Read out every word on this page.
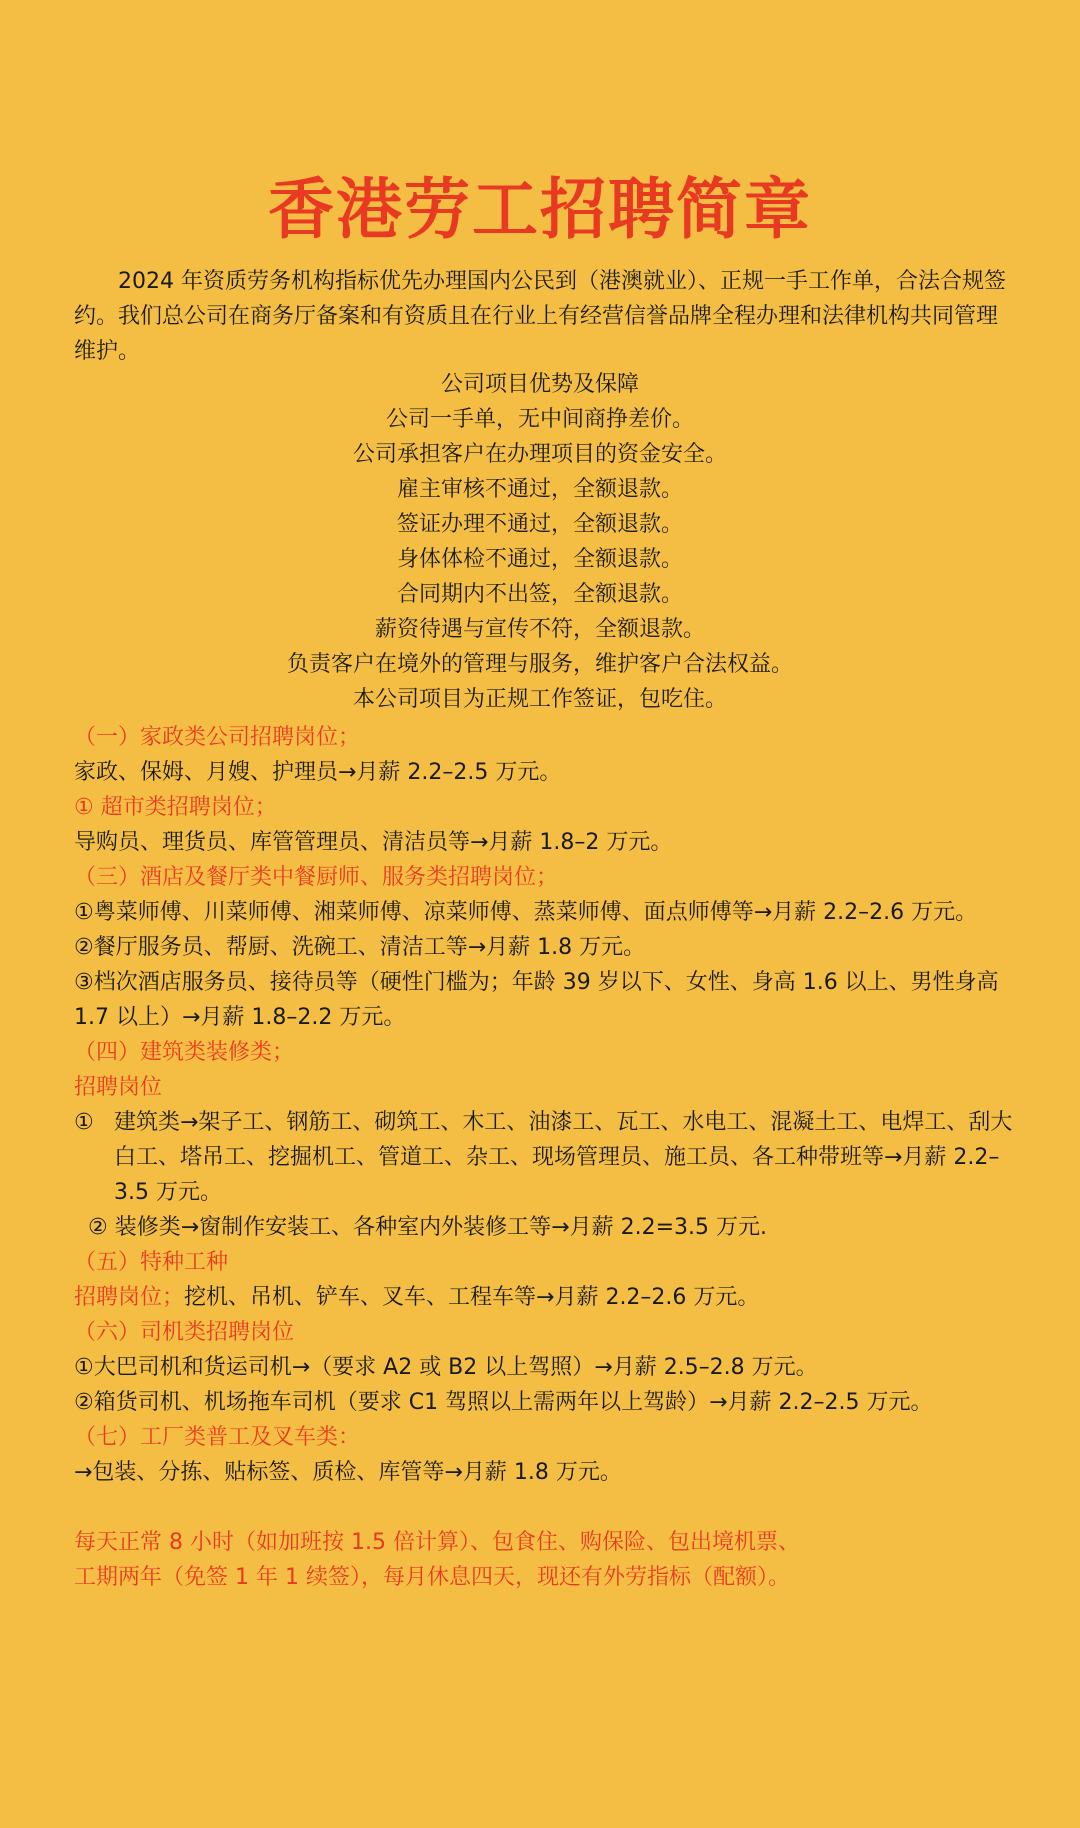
香港劳工招聘简章
2024 年资质劳务机构指标优先办理国内公民到（港澳就业）、正规一手工作单，合法合规签约。我们总公司在商务厅备案和有资质且在行业上有经营信誉品牌全程办理和法律机构共同管理维护。
公司项目优势及保障
公司一手单，无中间商挣差价。
公司承担客户在办理项目的资金安全。
雇主审核不通过，全额退款。
签证办理不通过，全额退款。
身体体检不通过，全额退款。
合同期内不出签，全额退款。
薪资待遇与宣传不符，全额退款。
负责客户在境外的管理与服务，维护客户合法权益。
本公司项目为正规工作签证，包吃住。
（一）家政类公司招聘岗位；
家政、保姆、月嫂、护理员→月薪 2.2–2.5 万元。
① 超市类招聘岗位；
导购员、理货员、库管管理员、清洁员等→月薪 1.8–2 万元。
（三）酒店及餐厅类中餐厨师、服务类招聘岗位；
①粤菜师傅、川菜师傅、湘菜师傅、凉菜师傅、蒸菜师傅、面点师傅等→月薪 2.2–2.6 万元。
②餐厅服务员、帮厨、洗碗工、清洁工等→月薪 1.8 万元。
③档次酒店服务员、接待员等（硬性门槛为；年龄 39 岁以下、女性、身高 1.6 以上、男性身高 1.7 以上）→月薪 1.8–2.2 万元。
（四）建筑类装修类；
招聘岗位
① 建筑类→架子工、钢筋工、砌筑工、木工、油漆工、瓦工、水电工、混凝土工、电焊工、刮大白工、塔吊工、挖掘机工、管道工、杂工、现场管理员、施工员、各工种带班等→月薪 2.2–3.5 万元。
② 装修类→窗制作安装工、各种室内外装修工等→月薪 2.2=3.5 万元.
（五）特种工种
招聘岗位；挖机、吊机、铲车、叉车、工程车等→月薪 2.2–2.6 万元。
（六）司机类招聘岗位
①大巴司机和货运司机→（要求 A2 或 B2 以上驾照）→月薪 2.5–2.8 万元。
②箱货司机、机场拖车司机（要求 C1 驾照以上需两年以上驾龄）→月薪 2.2–2.5 万元。
（七）工厂类普工及叉车类：
→包装、分拣、贴标签、质检、库管等→月薪 1.8 万元。
每天正常 8 小时（如加班按 1.5 倍计算）、包食住、购保险、包出境机票、
工期两年（免签 1 年 1 续签），每月休息四天，现还有外劳指标（配额）。
